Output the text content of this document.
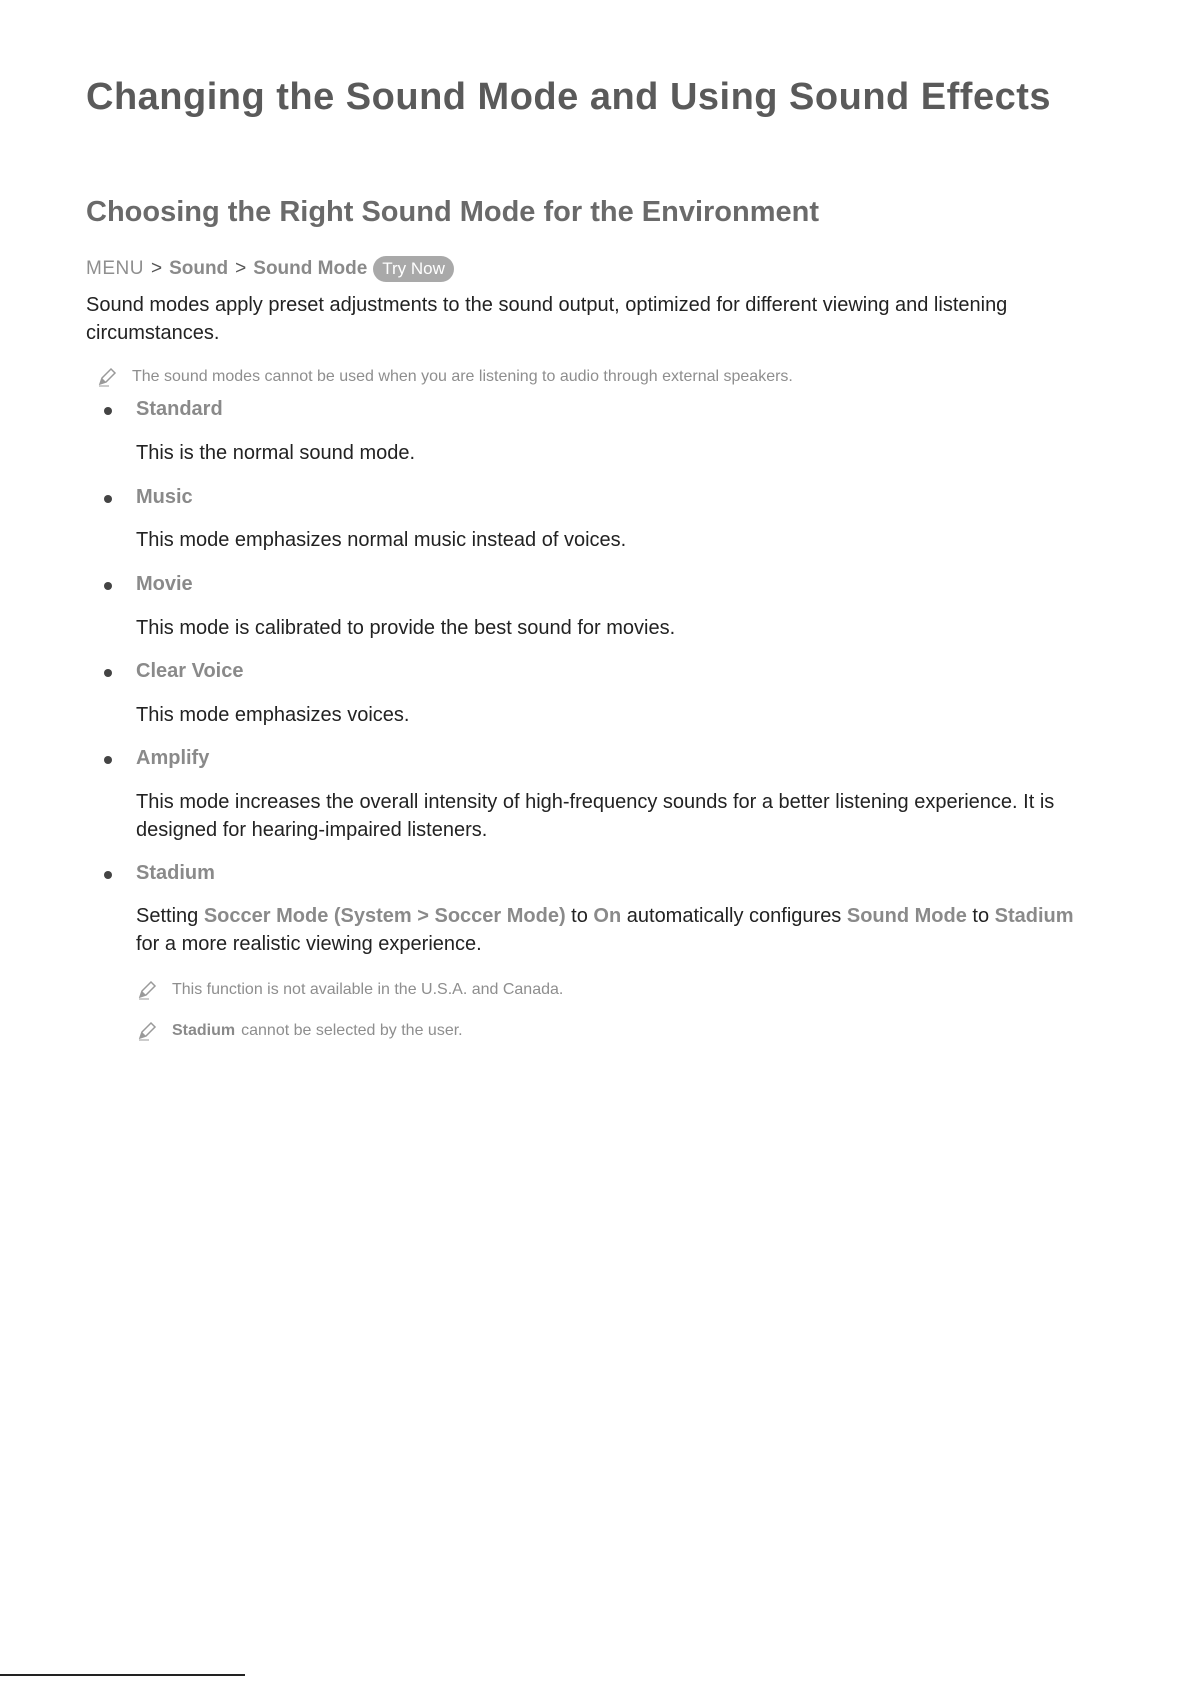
Changing the Sound Mode and Using Sound Effects
Choosing the Right Sound Mode for the Environment
MENU > Sound > Sound Mode Try Now
Sound modes apply preset adjustments to the sound output, optimized for different viewing and listening circumstances.
The sound modes cannot be used when you are listening to audio through external speakers.
Standard
This is the normal sound mode.
Music
This mode emphasizes normal music instead of voices.
Movie
This mode is calibrated to provide the best sound for movies.
Clear Voice
This mode emphasizes voices.
Amplify
This mode increases the overall intensity of high-frequency sounds for a better listening experience. It is designed for hearing-impaired listeners.
Stadium
Setting Soccer Mode (System > Soccer Mode) to On automatically configures Sound Mode to Stadium for a more realistic viewing experience.
This function is not available in the U.S.A. and Canada.
Stadium cannot be selected by the user.
